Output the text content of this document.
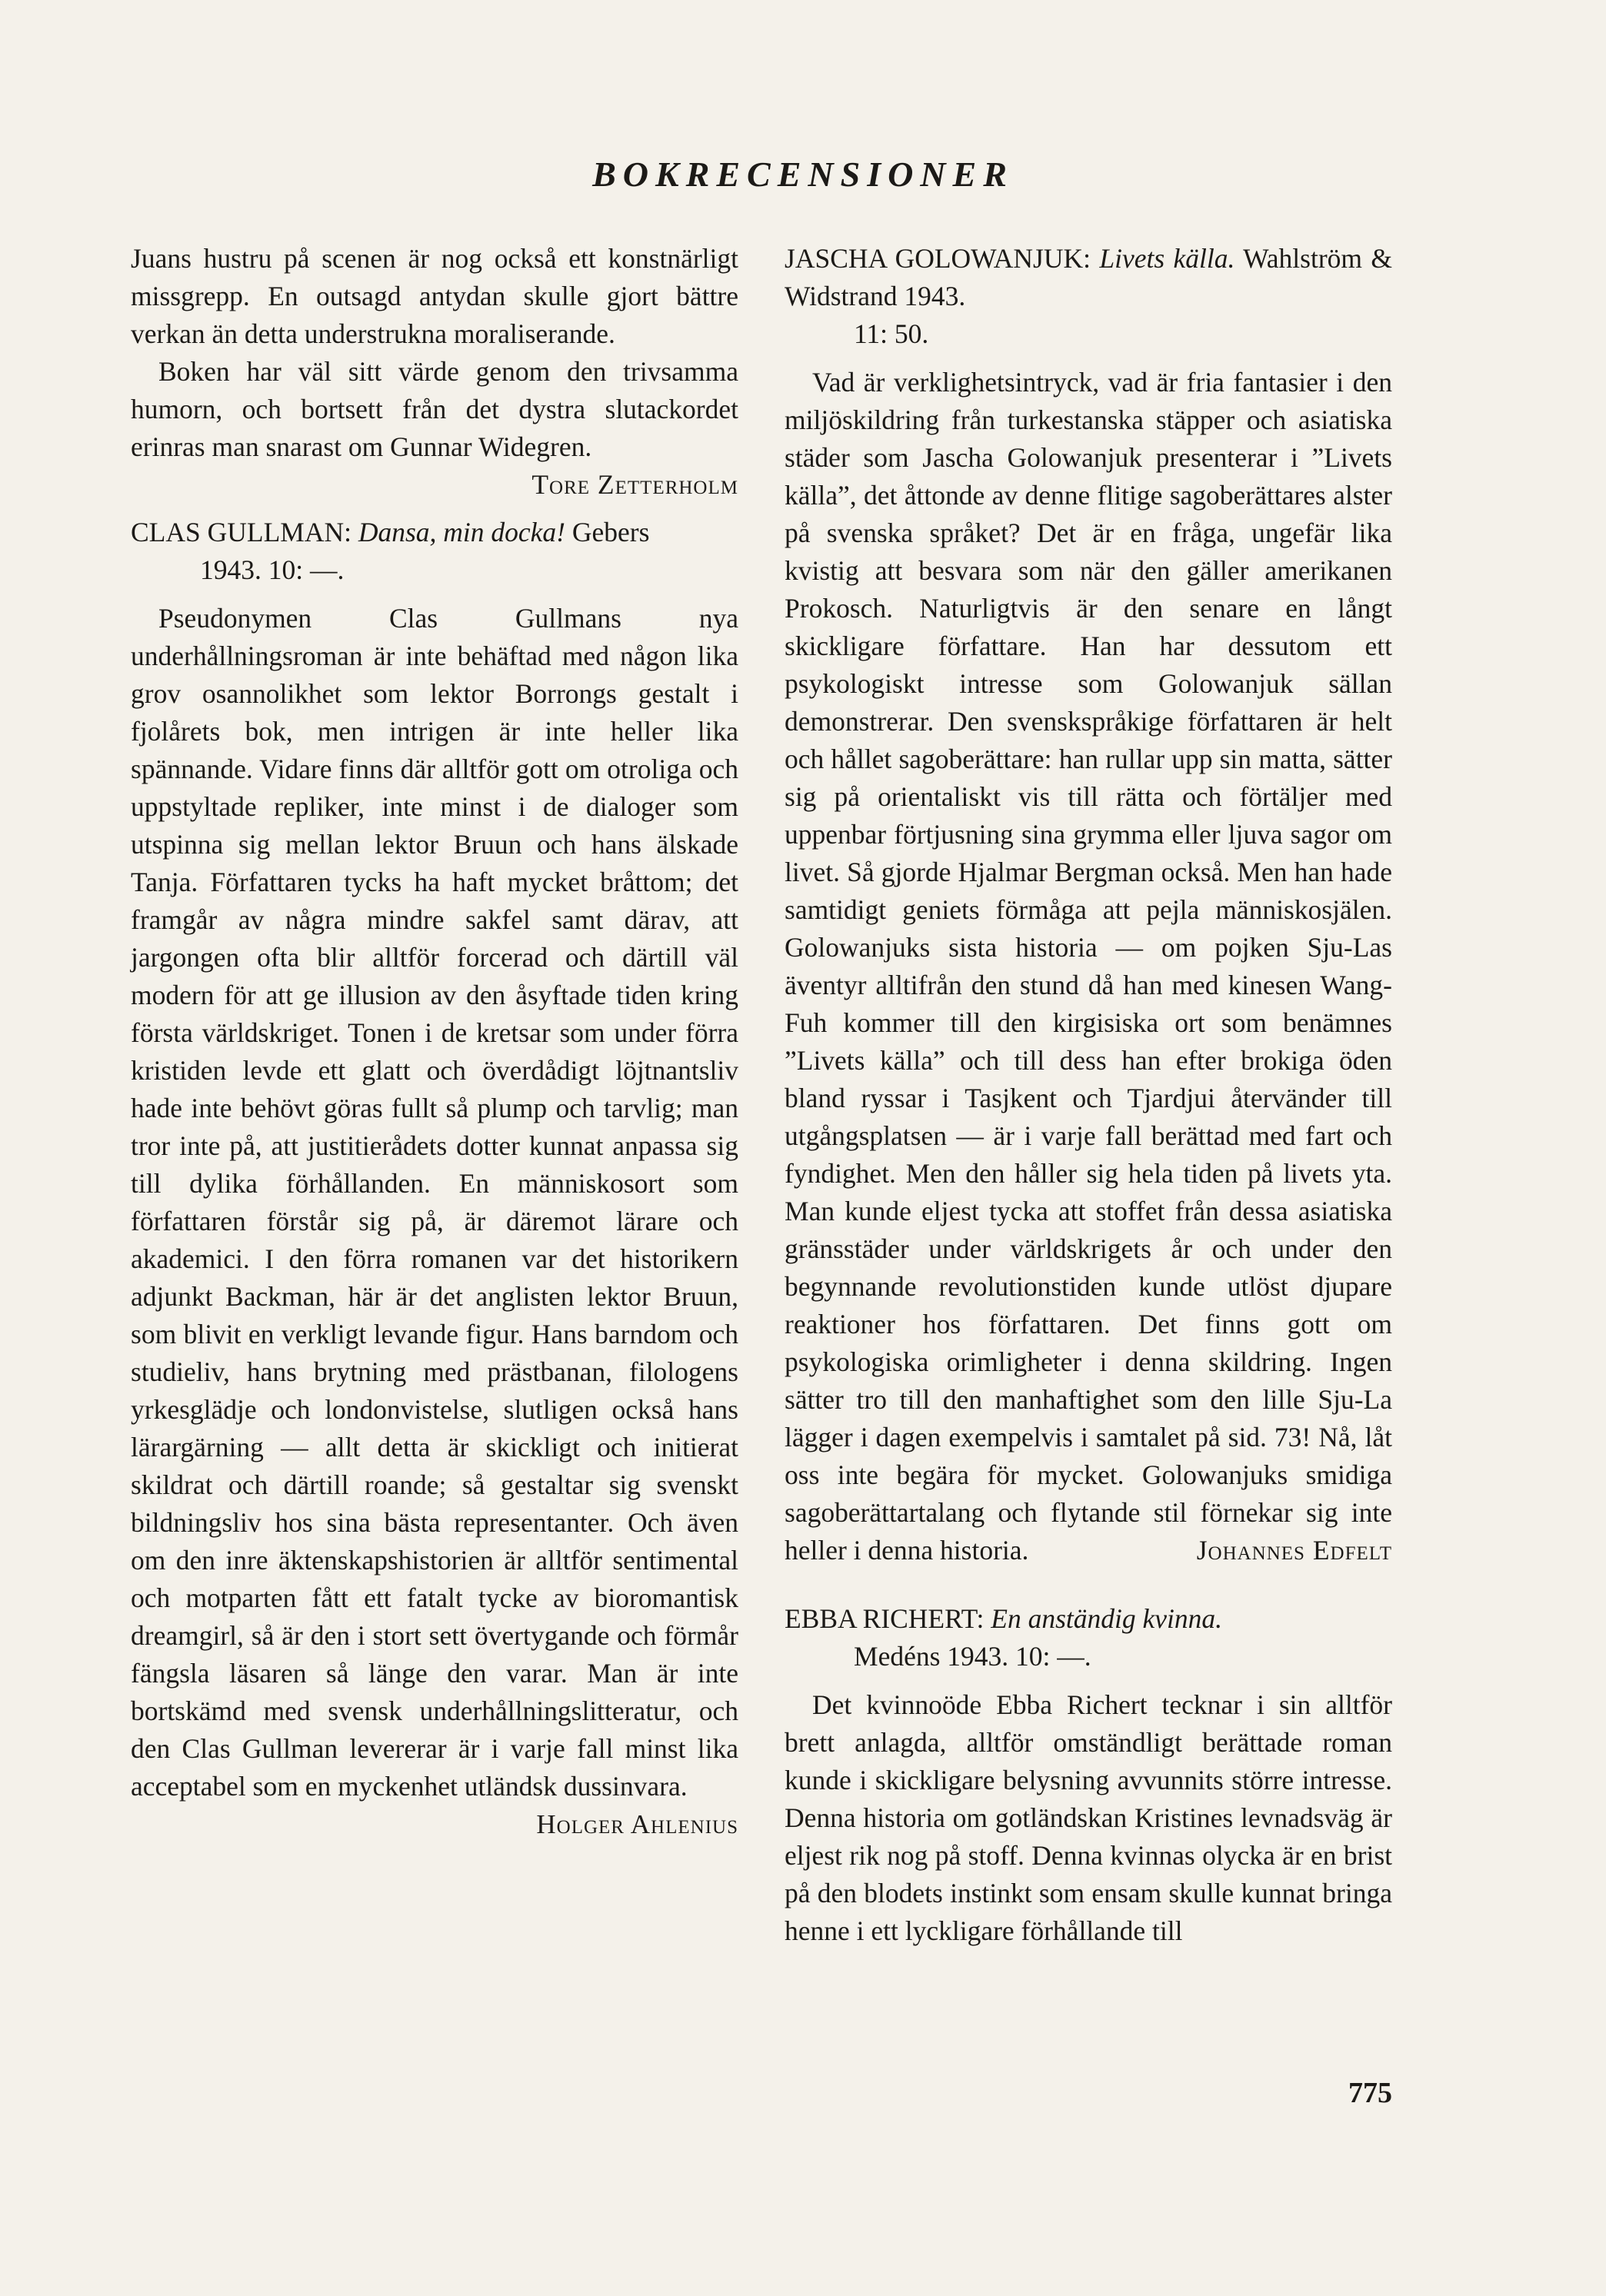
BOKRECENSIONER

Juans hustru på scenen är nog också ett konstnärligt missgrepp. En outsagd antydan skulle gjort bättre verkan än detta understrukna moraliserande.

Boken har väl sitt värde genom den trivsamma humorn, och bortsett från det dystra slutackordet erinras man snarast om Gunnar Widegren.
Tore Zetterholm

CLAS GULLMAN: Dansa, min docka! Gebers
1943. 10: —.

Pseudonymen Clas Gullmans nya underhållningsroman är inte behäftad med någon lika grov osannolikhet som lektor Borrongs gestalt i fjolårets bok, men intrigen är inte heller lika spännande. Vidare finns där alltför gott om otroliga och uppstyltade repliker, inte minst i de dialoger som utspinna sig mellan lektor Bruun och hans älskade Tanja. Författaren tycks ha haft mycket bråttom; det framgår av några mindre sakfel samt därav, att jargongen ofta blir alltför forcerad och därtill väl modern för att ge illusion av den åsyftade tiden kring första världskriget. Tonen i de kretsar som under förra kristiden levde ett glatt och överdådigt löjtnantsliv hade inte behövt göras fullt så plump och tarvlig; man tror inte på, att justitierådets dotter kunnat anpassa sig till dylika förhållanden. En människosort som författaren förstår sig på, är däremot lärare och akademici. I den förra romanen var det historikern adjunkt Backman, här är det anglisten lektor Bruun, som blivit en verkligt levande figur. Hans barndom och studieliv, hans brytning med prästbanan, filologens yrkesglädje och londonvistelse, slutligen också hans lärargärning — allt detta är skickligt och initierat skildrat och därtill roande; så gestaltar sig svenskt bildningsliv hos sina bästa representanter. Och även om den inre äktenskapshistorien är alltför sentimental och motparten fått ett fatalt tycke av bioromantisk dreamgirl, så är den i stort sett övertygande och förmår fängsla läsaren så länge den varar. Man är inte bortskämd med svensk underhållningslitteratur, och den Clas Gullman levererar är i varje fall minst lika acceptabel som en myckenhet utländsk dussinvara.

Holger Ahlenius

JASCHA GOLOWANJUK: Livets källa. Wahlström & Widstrand 1943.
11: 50.

Vad är verklighetsintryck, vad är fria fantasier i den miljöskildring från turkestanska stäpper och asiatiska städer som Jascha Golowanjuk presenterar i ”Livets källa”, det åttonde av denne flitige sagoberättares alster på svenska språket? Det är en fråga, ungefär lika kvistig att besvara som när den gäller amerikanen Prokosch. Naturligtvis är den senare en långt skickligare författare. Han har dessutom ett psykologiskt intresse som Golowanjuk sällan demonstrerar. Den svenskspråkige författaren är helt och hållet sagoberättare: han rullar upp sin matta, sätter sig på orientaliskt vis till rätta och förtäljer med uppenbar förtjusning sina grymma eller ljuva sagor om livet. Så gjorde Hjalmar Bergman också. Men han hade samtidigt geniets förmåga att pejla människosjälen. Golowanjuks sista historia — om pojken Sju-Las äventyr alltifrån den stund då han med kinesen Wang-Fuh kommer till den kirgisiska ort som benämnes ”Livets källa” och till dess han efter brokiga öden bland ryssar i Tasjkent och Tjardjui återvänder till utgångsplatsen — är i varje fall berättad med fart och fyndighet. Men den håller sig hela tiden på livets yta. Man kunde eljest tycka att stoffet från dessa asiatiska gränsstäder under världskrigets år och under den begynnande revolutionstiden kunde utlöst djupare reaktioner hos författaren. Det finns gott om psykologiska orimligheter i denna skildring. Ingen sätter tro till den manhaftighet som den lille Sju-La lägger i dagen exempelvis i samtalet på sid. 73! Nå, låt oss inte begära för mycket. Golowanjuks smidiga sagoberättartalang och flytande stil förnekar sig inte heller i denna historia.	Johannes Edfelt

EBBA RICHERT: En anständig kvinna.
Medéns 1943. 10: —.

Det kvinnoöde Ebba Richert tecknar i sin alltför brett anlagda, alltför omständligt berättade roman kunde i skickligare belysning avvunnits större intresse. Denna historia om gotländskan Kristines levnadsväg är eljest rik nog på stoff. Denna kvinnas olycka är en brist på den blodets instinkt som ensam skulle kunnat bringa henne i ett lyckligare förhållande till

775
